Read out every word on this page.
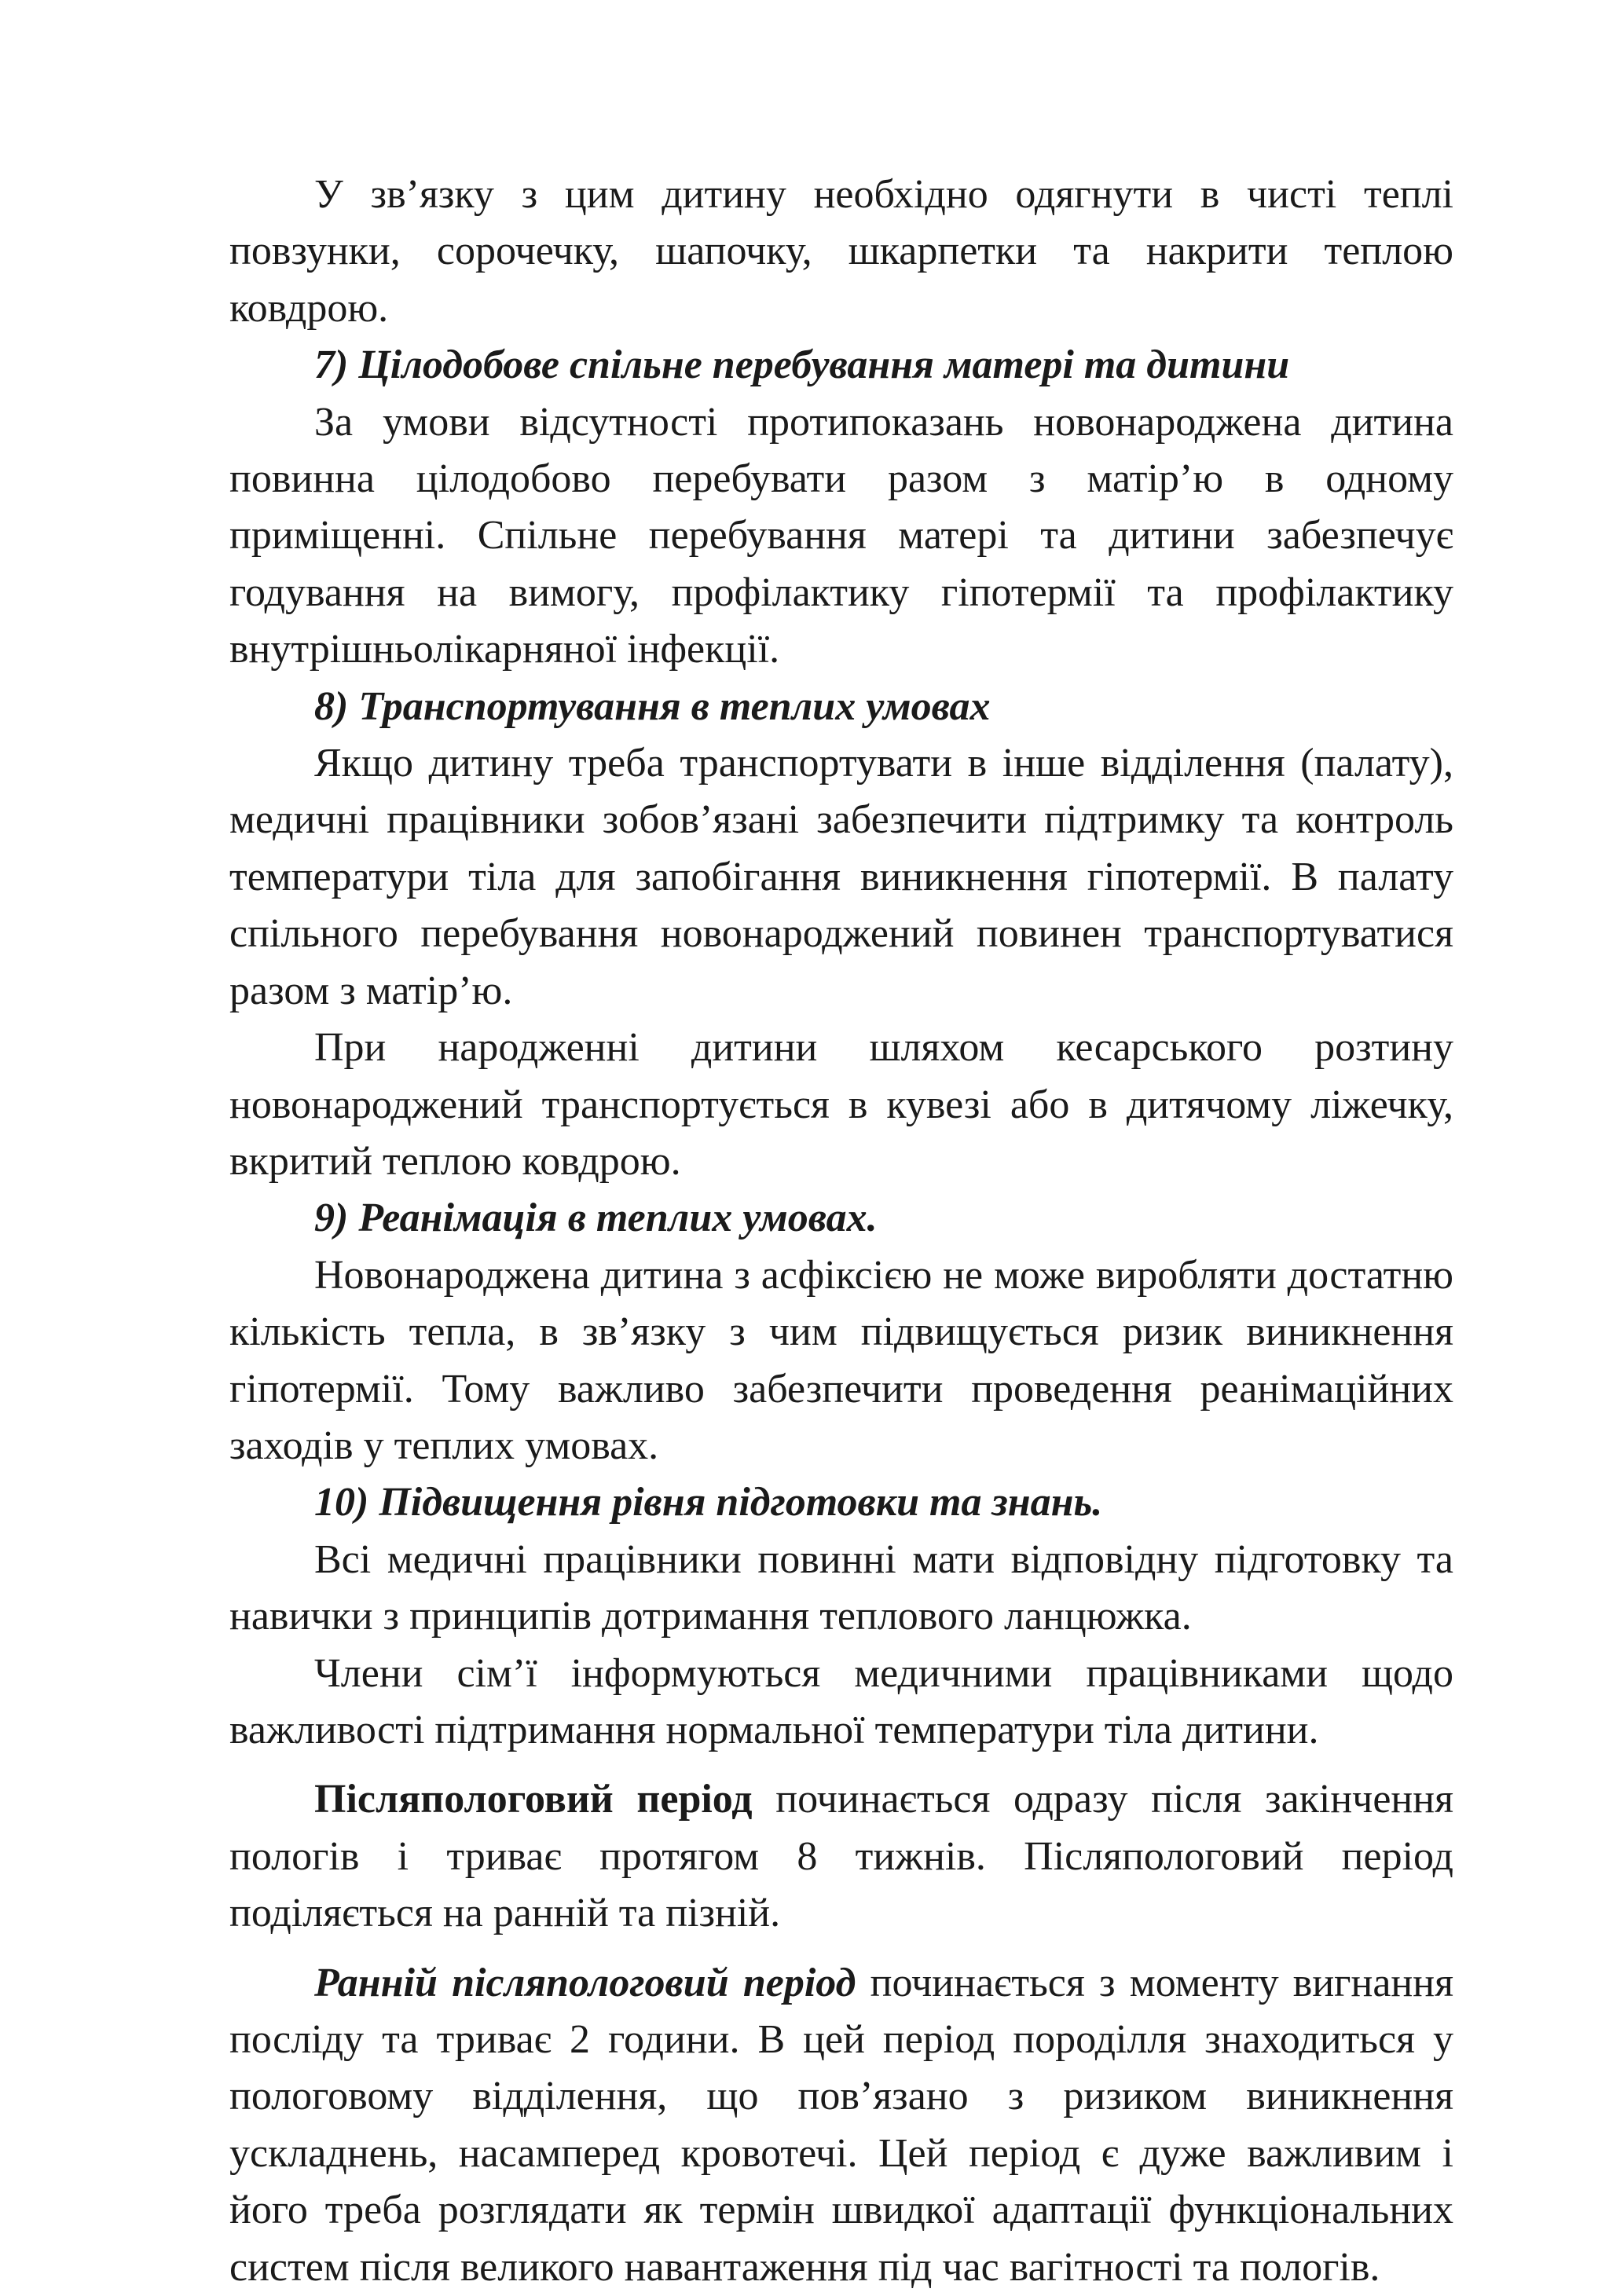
У зв’язку з цим дитину необхідно одягнути в чисті теплі повзунки, сорочечку, шапочку, шкарпетки та накрити теплою ковдрою.

7) Цілодобове спільне перебування матері та дитини

За умови відсутності протипоказань новонароджена дитина повинна цілодобово перебувати разом з матір’ю в одному приміщенні. Спільне перебування матері та дитини забезпечує годування на вимогу, профілактику гіпотермії та профілактику внутрішньолікарняної інфекції.

8) Транспортування в теплих умовах

Якщо дитину треба транспортувати в інше відділення (палату), медичні працівники зобов’язані забезпечити підтримку та контроль температури тіла для запобігання виникнення гіпотермії. В палату спільного перебування новонароджений повинен транспортуватися разом з матір’ю.

При народженні дитини шляхом кесарського розтину новонароджений транспортується в кувезі або в дитячому ліжечку, вкритий теплою ковдрою.

9) Реанімація в теплих умовах.

Новонароджена дитина з асфіксією не може виробляти достатню кількість тепла, в зв’язку з чим підвищується ризик виникнення гіпотермії. Тому важливо забезпечити проведення реанімаційних заходів у теплих умовах.

10) Підвищення рівня підготовки та знань.

Всі медичні працівники повинні мати відповідну підготовку та навички з принципів дотримання теплового ланцюжка.

Члени сім’ї інформуються медичними працівниками щодо важливості підтримання нормальної температури тіла дитини.

Післяпологовий період починається одразу після закінчення пологів і триває протягом 8 тижнів. Післяпологовий період поділяється на ранній та пізній.

Ранній післяпологовий період починається з моменту вигнання посліду та триває 2 години. В цей період породілля знаходиться у пологовому відділення, що пов’язано з ризиком виникнення ускладнень, насамперед кровотечі. Цей період є дуже важливим і його треба розглядати як термін швидкої адаптації функціональних систем після великого навантаження під час вагітності та пологів.
